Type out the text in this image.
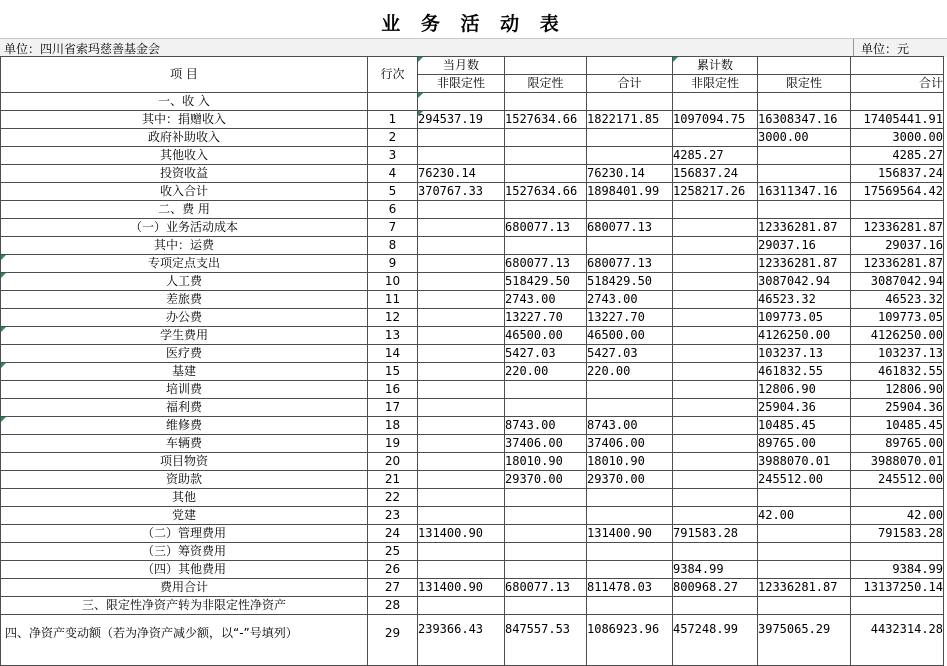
业 务 活 动 表
单位：四川省索玛慈善基金会	单位：元
项 目	行次	当月数			累计数		
		非限定性	限定性	合计	非限定性	限定性	合计
一、收 入		

其中：捐赠收入	1	294537.19	1527634.66	1822171.85	1097094.75	16308347.16	17405441.91
政府补助收入	2					3000.00	3000.00
其他收入	3				4285.27		4285.27
投资收益	4	76230.14		76230.14	156837.24		156837.24
收入合计	5	370767.33	1527634.66	1898401.99	1258217.26	16311347.16	17569564.42
二、费 用	6						
（一）业务活动成本	7		680077.13	680077.13		12336281.87	12336281.87
其中：运费	8					29037.16	29037.16

专项定点支出	9		680077.13	680077.13		12336281.87	12336281.87

人工费	10		518429.50	518429.50		3087042.94	3087042.94
差旅费	11		2743.00	2743.00		46523.32	46523.32
办公费	12		13227.70	13227.70		109773.05	109773.05

学生费用	13		46500.00	46500.00		4126250.00	4126250.00
医疗费	14		5427.03	5427.03		103237.13	103237.13

基建	15		220.00	220.00		461832.55	461832.55
培训费	16					12806.90	12806.90
福利费	17					25904.36	25904.36

维修费	18		8743.00	8743.00		10485.45	10485.45
车辆费	19		37406.00	37406.00		89765.00	89765.00
项目物资	20		18010.90	18010.90		3988070.01	3988070.01
资助款	21		29370.00	29370.00		245512.00	245512.00
其他	22						
党建	23					42.00	42.00
（二）管理费用	24	131400.90		131400.90	791583.28		791583.28
（三）筹资费用	25						
（四）其他费用	26				9384.99		9384.99
费用合计	27	131400.90	680077.13	811478.03	800968.27	12336281.87	13137250.14
三、限定性净资产转为非限定性净资产	28						
四、净资产变动额（若为净资产减少额，以“-”号填列）	29	239366.43	847557.53	1086923.96	457248.99	3975065.29	4432314.28
